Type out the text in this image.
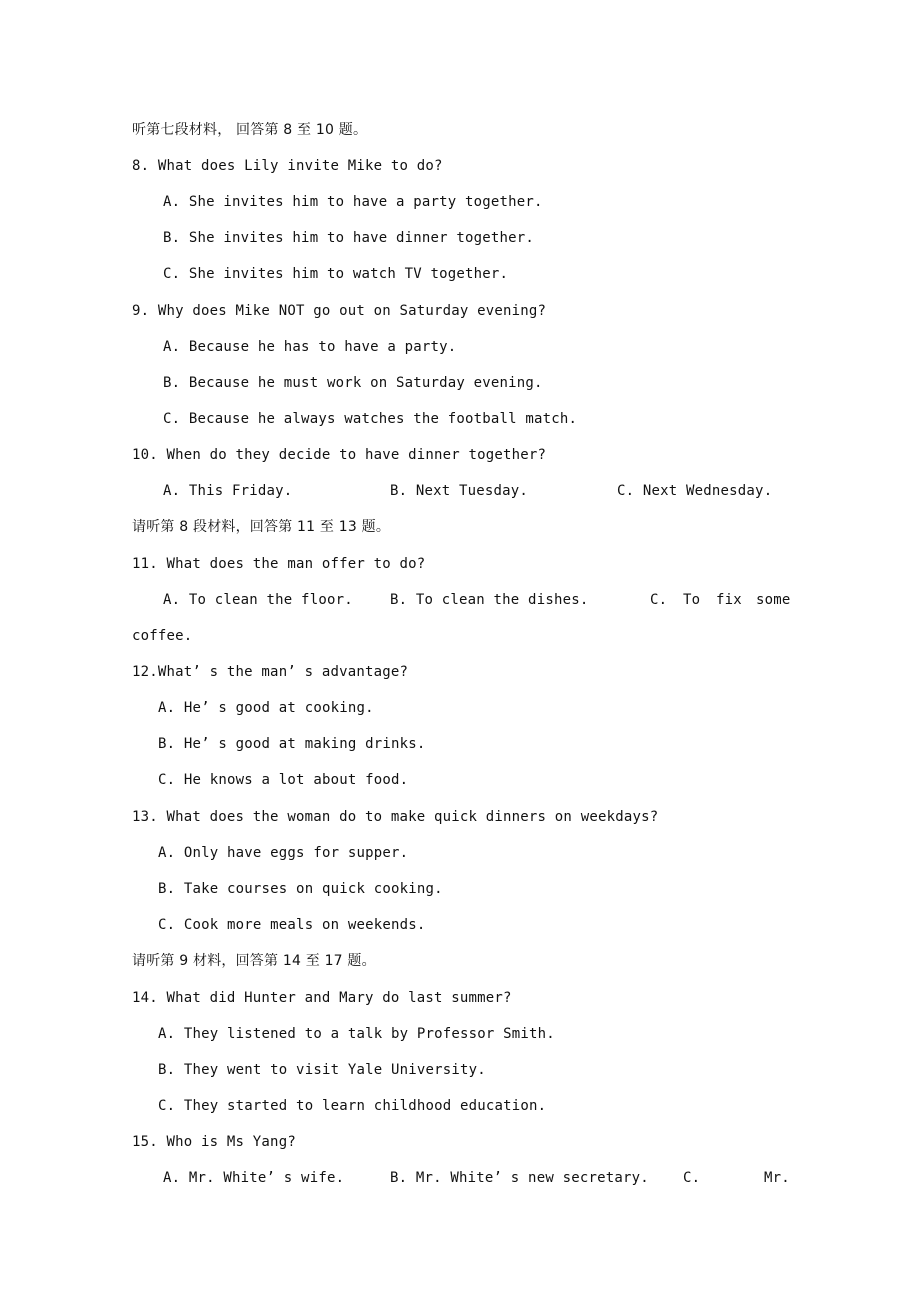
听第七段材料， 回答第 8 至 10 题。
8. What does Lily invite Mike to do?
A. She invites him to have a party together.
B. She invites him to have dinner together.
C. She invites him to watch TV together.
9. Why does Mike NOT go out on Saturday evening?
A. Because he has to have a party.
B. Because he must work on Saturday evening.
C. Because he always watches the football match.
10. When do they decide to have dinner together?
A. This Friday.	B. Next Tuesday.	C. Next Wednesday.
请听第 8 段材料，回答第 11 至 13 题。
11. What does the man offer to do?
A. To clean the floor.	B. To clean the dishes.	C. To fix some
coffee.
12.What’ s the man’ s advantage?
A. He’ s good at cooking.
B. He’ s good at making drinks.
C. He knows a lot about food.
13. What does the woman do to make quick dinners on weekdays?
A. Only have eggs for supper.
B. Take courses on quick cooking.
C. Cook more meals on weekends.
请听第 9 材料，回答第 14 至 17 题。
14. What did Hunter and Mary do last summer?
A. They listened to a talk by Professor Smith.
B. They went to visit Yale University.
C. They started to learn childhood education.
15. Who is Ms Yang?
A. Mr. White’ s wife.	B. Mr. White’ s new secretary. C.	Mr.
